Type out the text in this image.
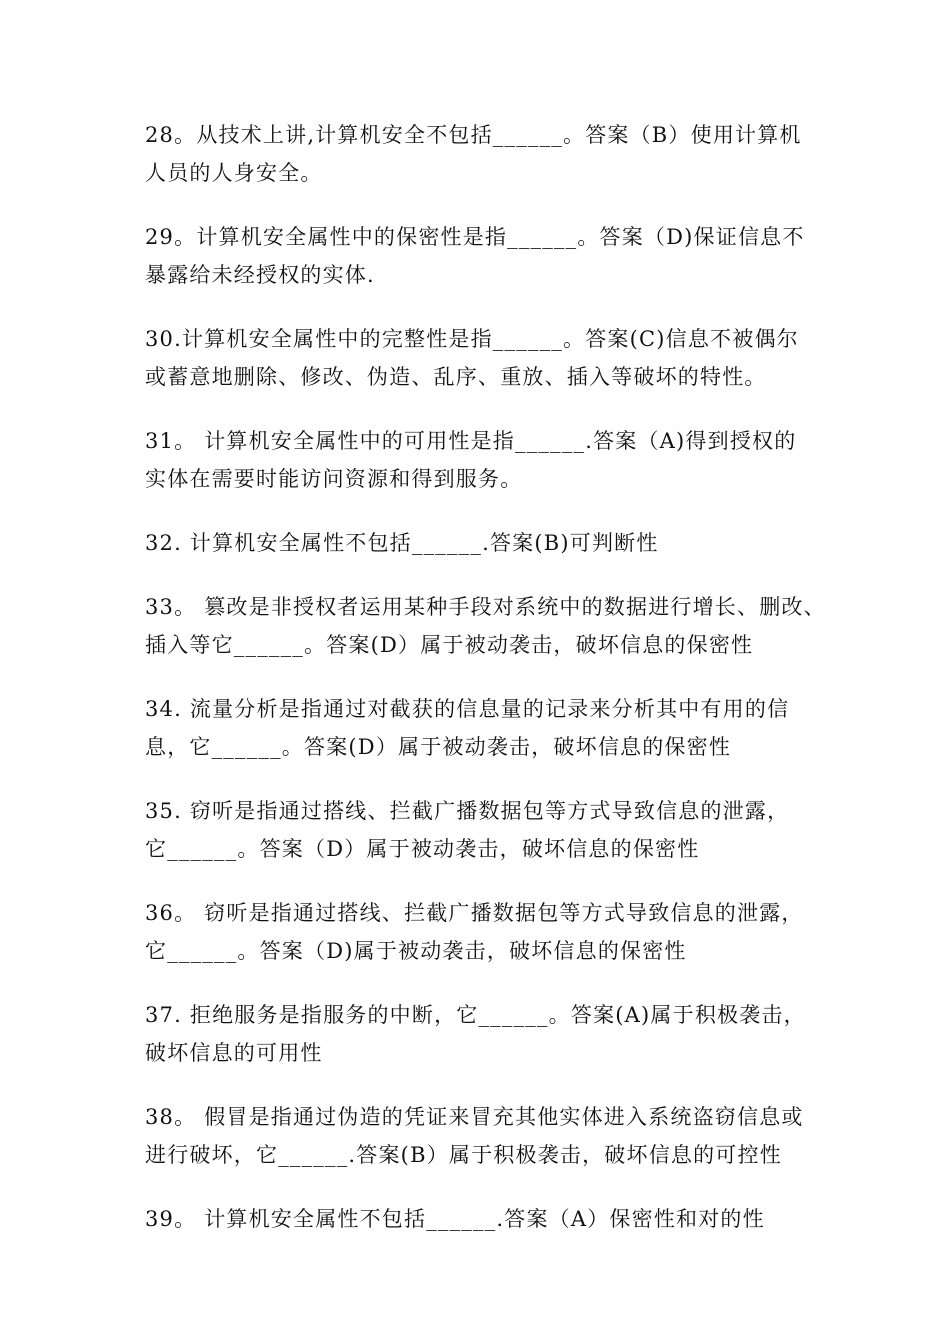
28。从技术上讲,计算机安全不包括______。答案（B）使用计算机
人员的人身安全。
29。计算机安全属性中的保密性是指______。答案（D)保证信息不
暴露给未经授权的实体.
30.计算机安全属性中的完整性是指______。答案(C)信息不被偶尔
或蓄意地删除、修改、伪造、乱序、重放、插入等破坏的特性。
31。 计算机安全属性中的可用性是指______.答案（A)得到授权的
实体在需要时能访问资源和得到服务。
32. 计算机安全属性不包括______.答案(B)可判断性
33。 篡改是非授权者运用某种手段对系统中的数据进行增长、删改、
插入等它______。答案(D）属于被动袭击，破坏信息的保密性
34. 流量分析是指通过对截获的信息量的记录来分析其中有用的信
息，它______。答案(D）属于被动袭击，破坏信息的保密性
35. 窃听是指通过搭线、拦截广播数据包等方式导致信息的泄露，
它______。答案（D）属于被动袭击，破坏信息的保密性
36。 窃听是指通过搭线、拦截广播数据包等方式导致信息的泄露，
它______。答案（D)属于被动袭击，破坏信息的保密性
37. 拒绝服务是指服务的中断，它______。答案(A)属于积极袭击，
破坏信息的可用性
38。 假冒是指通过伪造的凭证来冒充其他实体进入系统盗窃信息或
进行破坏，它______.答案(B）属于积极袭击，破坏信息的可控性
39。 计算机安全属性不包括______.答案（A）保密性和对的性
